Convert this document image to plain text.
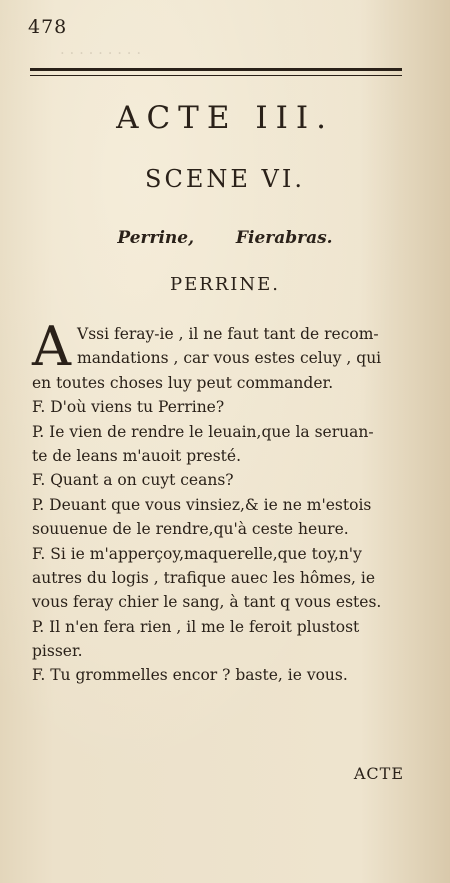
. . . . . . . . .
478
ACTE III.
SCENE VI.
Perrine, Fierabras.
PERRINE.
A Vssi feray-ie , il ne faut tant de recom-
mandations , car vous estes celuy , qui
en toutes choses luy peut commander.
F. D'où viens tu Perrine?
P. Ie vien de rendre le leuain,que la seruan-
te de leans m'auoit presté.
F. Quant a on cuyt ceans?
P. Deuant que vous vinsiez,& ie ne m'estois
souuenue de le rendre,qu'à ceste heure.
F. Si ie m'apperçoy,maquerelle,que toy,n'y
autres du logis , trafique auec les hômes, ie
vous feray chier le sang, à tant q vous estes.
P. Il n'en fera rien , il me le feroit plustost
pisser.
F. Tu grommelles encor ? baste, ie vous.
ACTE
